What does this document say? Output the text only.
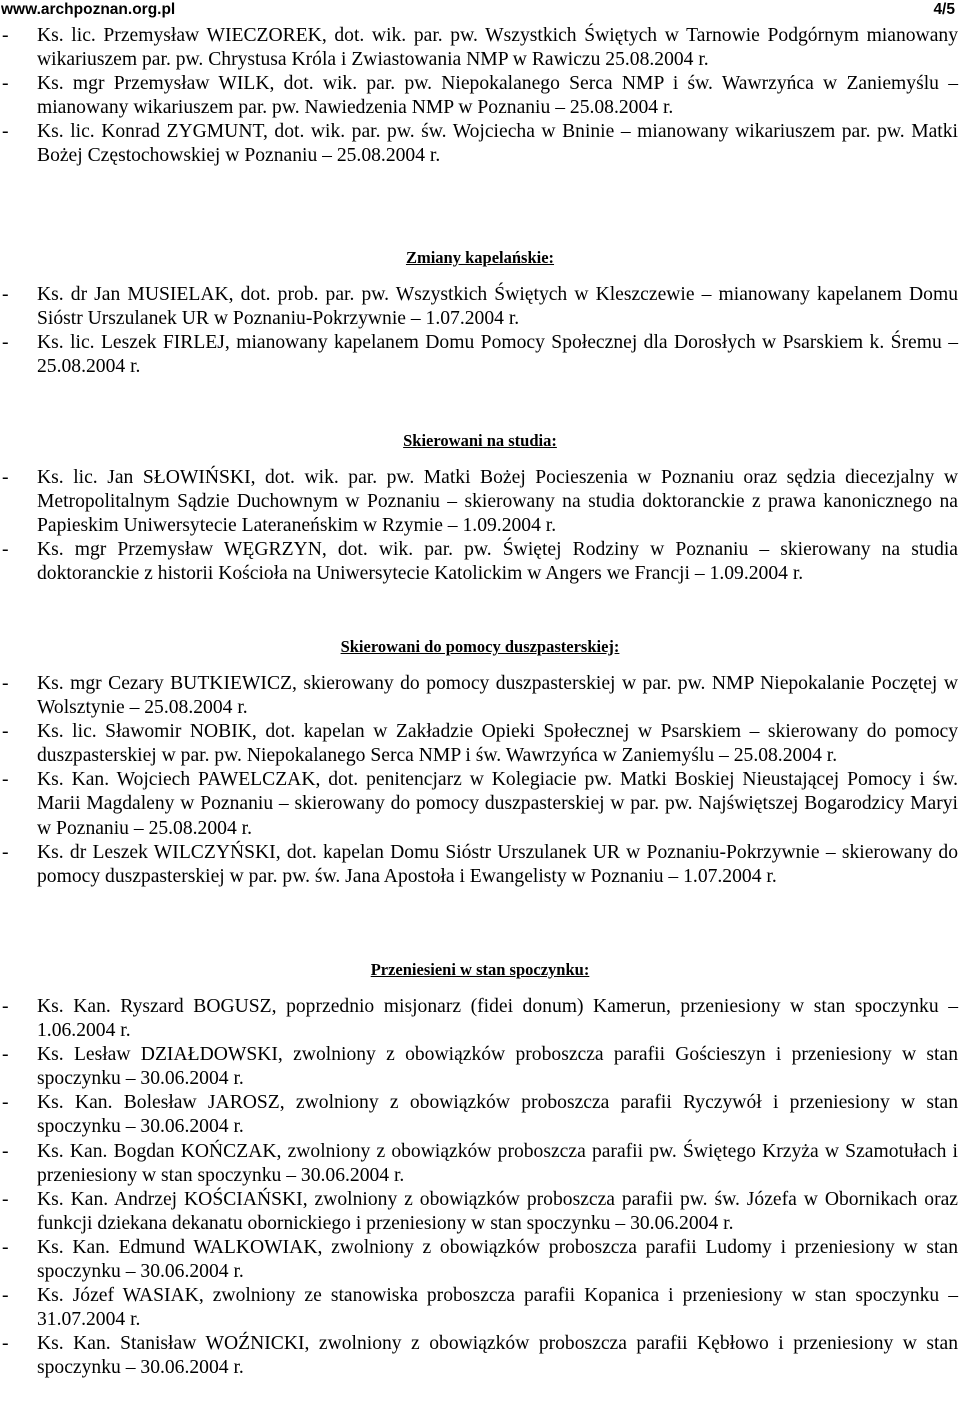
www.archpoznan.org.pl	4/5
- Ks. lic. Przemysław WIECZOREK, dot. wik. par. pw. Wszystkich Świętych w Tarnowie Podgórnym mianowany wikariuszem par. pw. Chrystusa Króla i Zwiastowania NMP w Rawiczu 25.08.2004 r.
- Ks. mgr Przemysław WILK, dot. wik. par. pw. Niepokalanego Serca NMP i św. Wawrzyńca w Zaniemyślu – mianowany wikariuszem par. pw. Nawiedzenia NMP w Poznaniu – 25.08.2004 r.
- Ks. lic. Konrad ZYGMUNT, dot. wik. par. pw. św. Wojciecha w Bninie – mianowany wikariuszem par. pw. Matki Bożej Częstochowskiej w Poznaniu – 25.08.2004 r.
Zmiany kapelańskie:
- Ks. dr Jan MUSIELAK, dot. prob. par. pw. Wszystkich Świętych w Kleszczewie – mianowany kapelanem Domu Sióstr Urszulanek UR w Poznaniu-Pokrzywnie – 1.07.2004 r.
- Ks. lic. Leszek FIRLEJ, mianowany kapelanem Domu Pomocy Społecznej dla Dorosłych w Psarskiem k. Śremu – 25.08.2004 r.
Skierowani na studia:
- Ks. lic. Jan SŁOWIŃSKI, dot. wik. par. pw. Matki Bożej Pocieszenia w Poznaniu oraz sędzia diecezjalny w Metropolitalnym Sądzie Duchownym w Poznaniu – skierowany na studia doktoranckie z prawa kanonicznego na Papieskim Uniwersytecie Lateraneńskim w Rzymie – 1.09.2004 r.
- Ks. mgr Przemysław WĘGRZYN, dot. wik. par. pw. Świętej Rodziny w Poznaniu – skierowany na studia doktoranckie z historii Kościoła na Uniwersytecie Katolickim w Angers we Francji – 1.09.2004 r.
Skierowani do pomocy duszpasterskiej:
- Ks. mgr Cezary BUTKIEWICZ, skierowany do pomocy duszpasterskiej w par. pw. NMP Niepokalanie Poczętej w Wolsztynie – 25.08.2004 r.
- Ks. lic. Sławomir NOBIK, dot. kapelan w Zakładzie Opieki Społecznej w Psarskiem – skierowany do pomocy duszpasterskiej w par. pw. Niepokalanego Serca NMP i św. Wawrzyńca w Zaniemyślu – 25.08.2004 r.
- Ks. Kan. Wojciech PAWELCZAK, dot. penitencjarz w Kolegiacie pw. Matki Boskiej Nieustającej Pomocy i św. Marii Magdaleny w Poznaniu – skierowany do pomocy duszpasterskiej w par. pw. Najświętszej Bogarodzicy Maryi w Poznaniu – 25.08.2004 r.
- Ks. dr Leszek WILCZYŃSKI, dot. kapelan Domu Sióstr Urszulanek UR w Poznaniu-Pokrzywnie – skierowany do pomocy duszpasterskiej w par. pw. św. Jana Apostoła i Ewangelisty w Poznaniu – 1.07.2004 r.
Przeniesieni w stan spoczynku:
- Ks. Kan. Ryszard BOGUSZ, poprzednio misjonarz (fidei donum) Kamerun, przeniesiony w stan spoczynku – 1.06.2004 r.
- Ks. Lesław DZIAŁDOWSKI, zwolniony z obowiązków proboszcza parafii Gościeszyn i przeniesiony w stan spoczynku – 30.06.2004 r.
- Ks. Kan. Bolesław JAROSZ, zwolniony z obowiązków proboszcza parafii Ryczywół i przeniesiony w stan spoczynku – 30.06.2004 r.
- Ks. Kan. Bogdan KOŃCZAK, zwolniony z obowiązków proboszcza parafii pw. Świętego Krzyża w Szamotułach i przeniesiony w stan spoczynku – 30.06.2004 r.
- Ks. Kan. Andrzej KOŚCIAŃSKI, zwolniony z obowiązków proboszcza parafii pw. św. Józefa w Obornikach oraz funkcji dziekana dekanatu obornickiego i przeniesiony w stan spoczynku – 30.06.2004 r.
- Ks. Kan. Edmund WALKOWIAK, zwolniony z obowiązków proboszcza parafii Ludomy i przeniesiony w stan spoczynku – 30.06.2004 r.
- Ks. Józef WASIAK, zwolniony ze stanowiska proboszcza parafii Kopanica i przeniesiony w stan spoczynku – 31.07.2004 r.
- Ks. Kan. Stanisław WOŹNICKI, zwolniony z obowiązków proboszcza parafii Kębłowo i przeniesiony w stan spoczynku – 30.06.2004 r.
